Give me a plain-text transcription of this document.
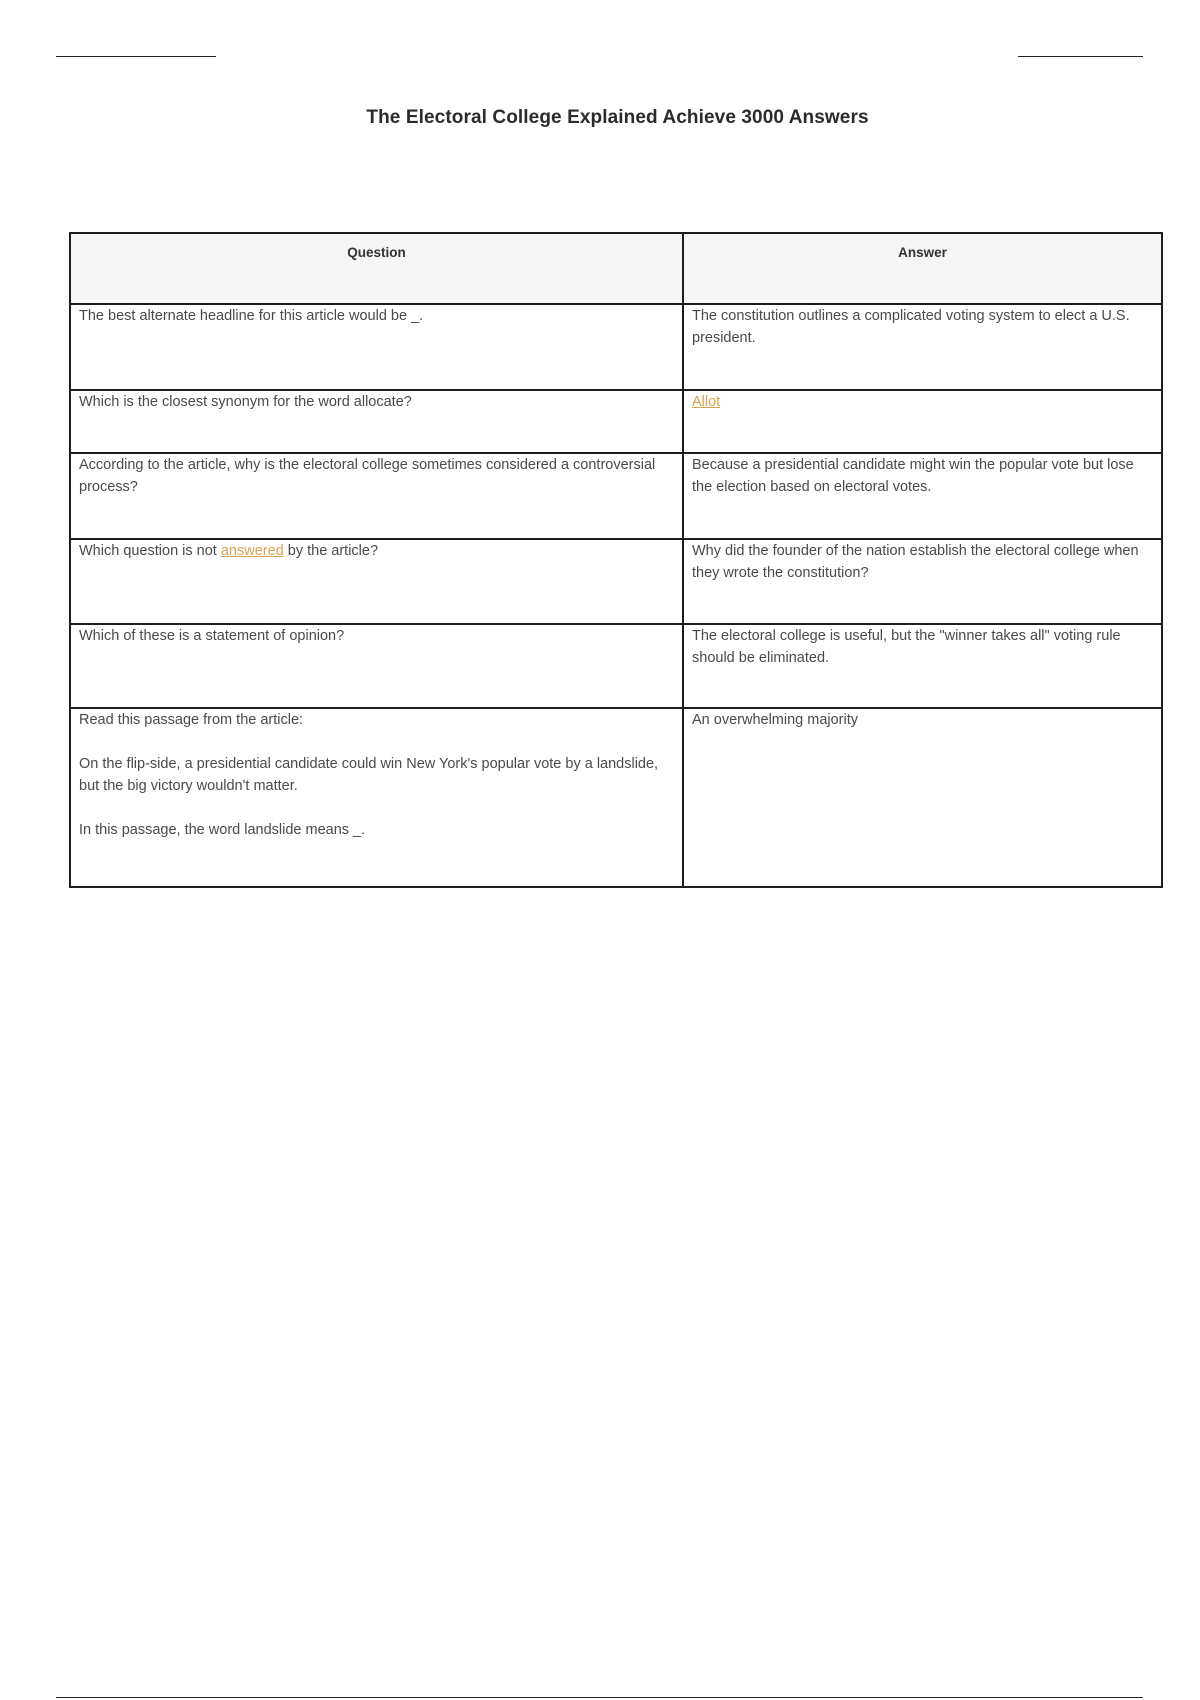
The Electoral College Explained Achieve 3000 Answers
Question	Answer
The best alternate headline for this article would be _.	The constitution outlines a complicated voting system to elect a U.S. president.
Which is the closest synonym for the word allocate?	Allot
According to the article, why is the electoral college sometimes considered a controversial process?	Because a presidential candidate might win the popular vote but lose the election based on electoral votes.
Which question is not answered by the article?	Why did the founder of the nation establish the electoral college when they wrote the constitution?
Which of these is a statement of opinion?	The electoral college is useful, but the "winner takes all" voting rule should be eliminated.

Read this passage from the article:

On the flip-side, a presidential candidate could win New York's popular vote by a landslide, but the big victory wouldn't matter.

In this passage, the word landslide means _.	An overwhelming majority
